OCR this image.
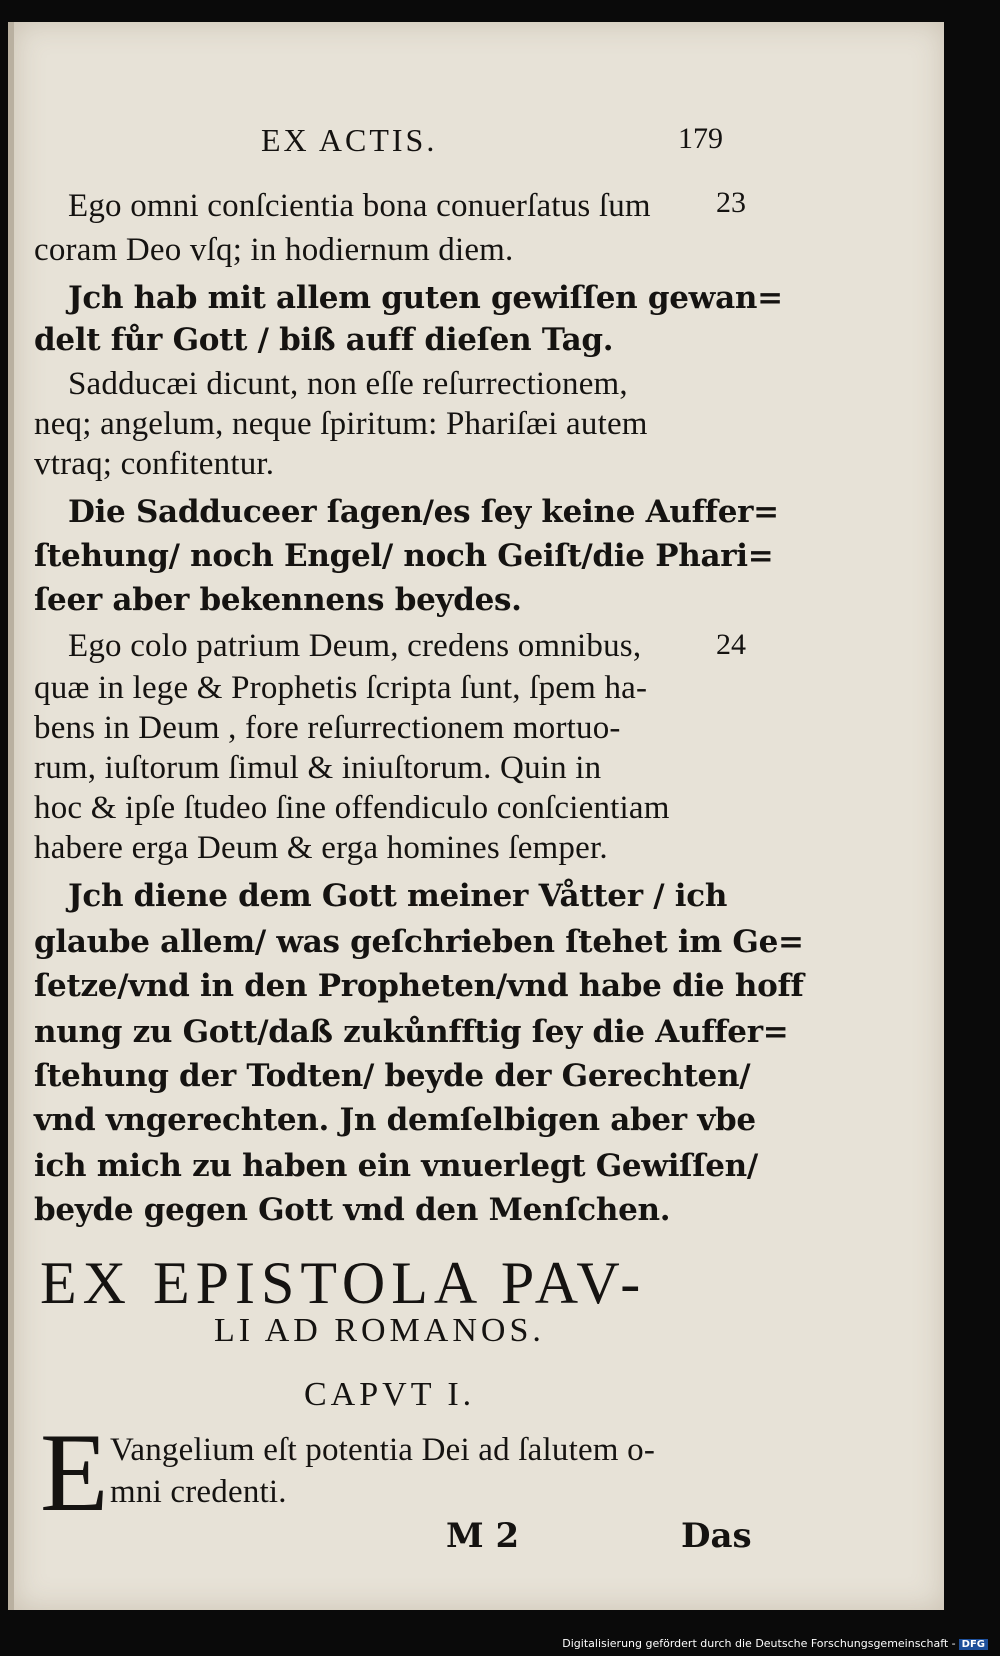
EX ACTIS.	179
Ego omni conſcientia bona conuerſatus ſum 23
coram Deo vſq; in hodiernum diem.
Jch hab mit allem guten gewiſſen gewan=
delt fůr Gott / biß auff dieſen Tag.
Sadducæi dicunt, non eſſe reſurrectionem,
neq; angelum, neque ſpiritum: Phariſæi autem
vtraq; confitentur.
Die Sadduceer ſagen/es ſey keine Auffer=
ſtehung/ noch Engel/ noch Geiſt/die Phari=
ſeer aber bekennens beydes.
Ego colo patrium Deum, credens omnibus, 24
quæ in lege & Prophetis ſcripta ſunt, ſpem ha-
bens in Deum , fore reſurrectionem mortuo-
rum, iuſtorum ſimul & iniuſtorum. Quin in
hoc & ipſe ſtudeo ſine offendiculo conſcientiam
habere erga Deum & erga homines ſemper.
Jch diene dem Gott meiner Våtter / ich
glaube allem/ was geſchrieben ſtehet im Ge=
ſetze/vnd in den Propheten/vnd habe die hoff
nung zu Gott/daß zukůnfftig ſey die Auffer=
ſtehung der Todten/ beyde der Gerechten/
vnd vngerechten. Jn demſelbigen aber vbe
ich mich zu haben ein vnuerlegt Gewiſſen/
beyde gegen Gott vnd den Menſchen.
EX EPISTOLA PAV-
LI AD ROMANOS.
CAPVT I.
E Vangelium eſt potentia Dei ad ſalutem o-
mni credenti.
M 2	Das
Digitalisierung gefördert durch die Deutsche Forschungsgemeinschaft - DFG
